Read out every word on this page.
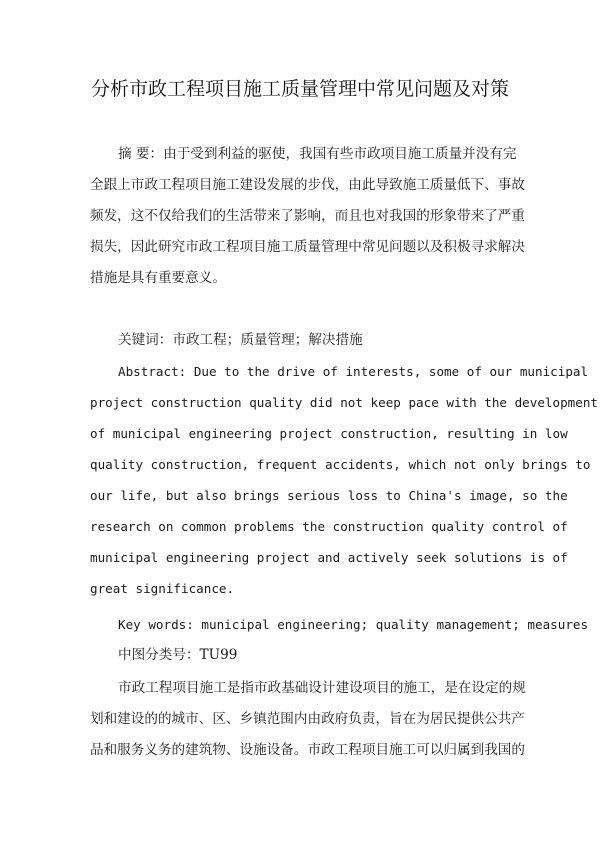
分析市政工程项目施工质量管理中常见问题及对策
摘 要：由于受到利益的驱使，我国有些市政项目施工质量并没有完
全跟上市政工程项目施工建设发展的步伐，由此导致施工质量低下、事故
频发，这不仅给我们的生活带来了影响，而且也对我国的形象带来了严重
损失，因此研究市政工程项目施工质量管理中常见问题以及积极寻求解决
措施是具有重要意义。
关键词：市政工程；质量管理；解决措施
Abstract: Due to the drive of interests, some of our municipal
project construction quality did not keep pace with the development
of municipal engineering project construction, resulting in low
quality construction, frequent accidents, which not only brings to
our life, but also brings serious loss to China's image, so the
research on common problems the construction quality control of
municipal engineering project and actively seek solutions is of
great significance.
Key words: municipal engineering; quality management; measures
中图分类号：TU99
市政工程项目施工是指市政基础设计建设项目的施工，是在设定的规
划和建设的的城市、区、乡镇范围内由政府负责，旨在为居民提供公共产
品和服务义务的建筑物、设施设备。市政工程项目施工可以归属到我国的
